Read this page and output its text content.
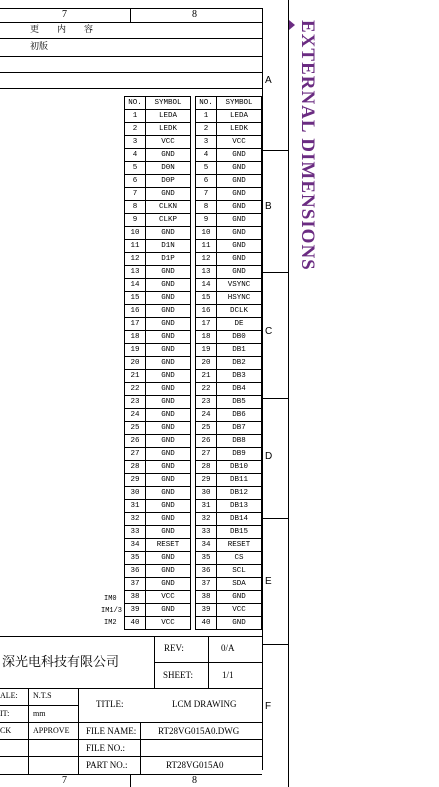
7	8
更　　内　　容
初版
A
B
C
D
E
F
EXTERNAL DIMENSIONS
NO.	SYMBOL		NO.	SYMBOL
1	LEDA		1	LEDA
2	LEDK		2	LEDK
3	VCC		3	VCC
4	GND		4	GND
5	D0N		5	GND
6	D0P		6	GND
7	GND		7	GND
8	CLKN		8	GND
9	CLKP		9	GND
10	GND		10	GND
11	D1N		11	GND
12	D1P		12	GND
13	GND		13	GND
14	GND		14	VSYNC
15	GND		15	HSYNC
16	GND		16	DCLK
17	GND		17	DE
18	GND		18	DB0
19	GND		19	DB1
20	GND		20	DB2
21	GND		21	DB3
22	GND		22	DB4
23	GND		23	DB5
24	GND		24	DB6
25	GND		25	DB7
26	GND		26	DB8
27	GND		27	DB9
28	GND		28	DB10
29	GND		29	DB11
30	GND		30	DB12
31	GND		31	DB13
32	GND		32	DB14
33	GND		33	DB15
34	RESET		34	RESET
35	GND		35	CS
36	GND		36	SCL
37	GND		37	SDA
38	VCC		38	GND
39	GND		39	VCC
40	VCC		40	GND
IM0
IM1/3
IM2
深光电科技有限公司
REV:	0/A
SHEET:	1/1
ALE: N.T.S
IT:	mm
CK	APPROVE
TITLE:	LCM DRAWING
FILE NAME: RT28VG015A0.DWG
FILE NO.:
PART NO.:	RT28VG015A0
7	8
